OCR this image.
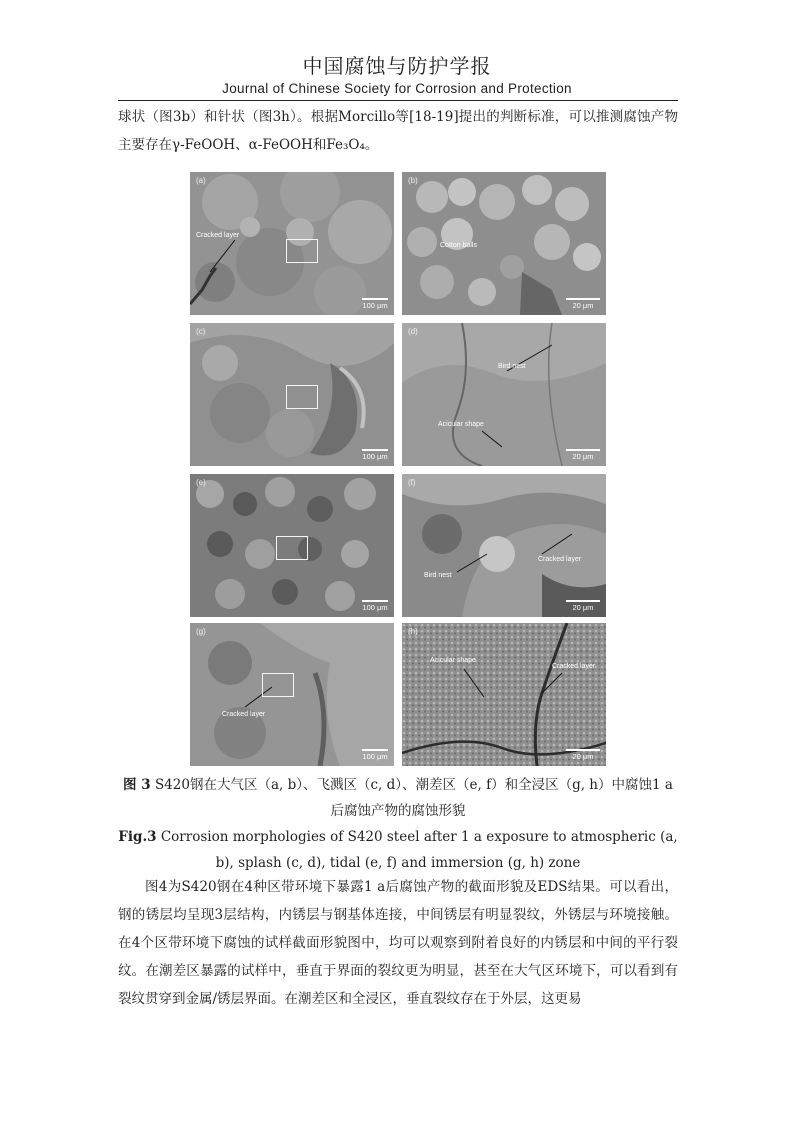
中国腐蚀与防护学报
Journal of Chinese Society for Corrosion and Protection
球状（图3b）和针状（图3h）。根据Morcillo等[18-19]提出的判断标准，可以推测腐蚀产物主要存在γ-FeOOH、α-FeOOH和Fe₃O₄。
(a)
Cracked layer
100 μm
(b)
Cotton balls
20 μm
(c)
100 μm
(d)
Bird nest
Acicular shape
20 μm
(e)
100 μm
(f)
Cracked layer
Bird nest
20 μm
(g)
Cracked layer
100 μm
(h)
Acicular shape
Cracked layer
20 μm
图 3 S420钢在大气区（a, b）、飞溅区（c, d）、潮差区（e, f）和全浸区（g, h）中腐蚀1 a后腐蚀产物的腐蚀形貌
Fig.3 Corrosion morphologies of S420 steel after 1 a exposure to atmospheric (a, b), splash (c, d), tidal (e, f) and immersion (g, h) zone
图4为S420钢在4种区带环境下暴露1 a后腐蚀产物的截面形貌及EDS结果。可以看出，钢的锈层均呈现3层结构，内锈层与钢基体连接，中间锈层有明显裂纹，外锈层与环境接触。在4个区带环境下腐蚀的试样截面形貌图中，均可以观察到附着良好的内锈层和中间的平行裂纹。在潮差区暴露的试样中，垂直于界面的裂纹更为明显，甚至在大气区环境下，可以看到有裂纹贯穿到金属/锈层界面。在潮差区和全浸区，垂直裂纹存在于外层，这更易
